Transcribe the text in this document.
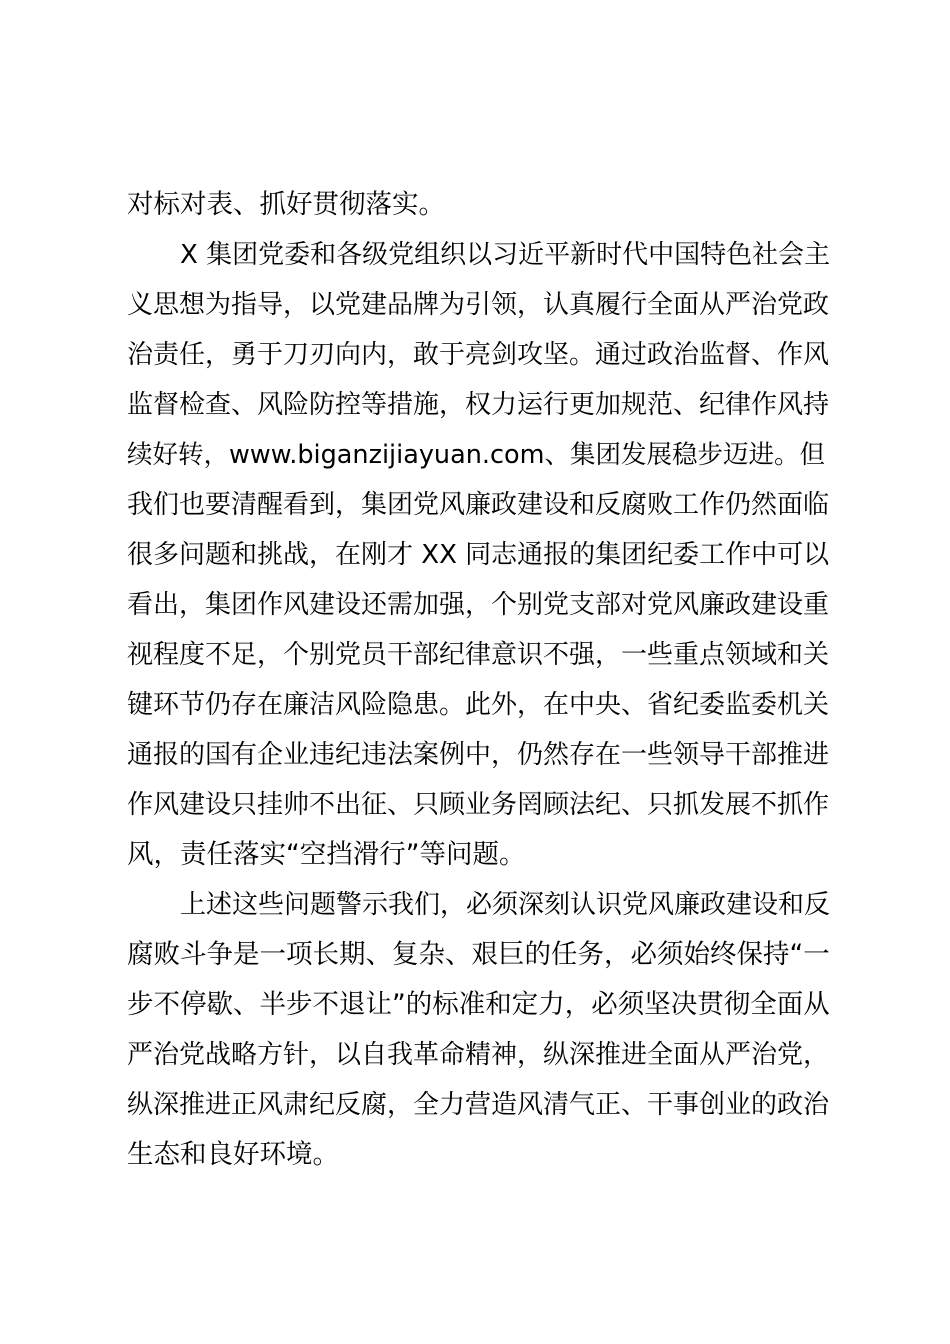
对标对表、抓好贯彻落实。
X 集团党委和各级党组织以习近平新时代中国特色社会主
义思想为指导，以党建品牌为引领，认真履行全面从严治党政
治责任，勇于刀刃向内，敢于亮剑攻坚。通过政治监督、作风
监督检查、风险防控等措施，权力运行更加规范、纪律作风持
续好转，www.biganzijiayuan.com、集团发展稳步迈进。但
我们也要清醒看到，集团党风廉政建设和反腐败工作仍然面临
很多问题和挑战，在刚才 XX 同志通报的集团纪委工作中可以
看出，集团作风建设还需加强，个别党支部对党风廉政建设重
视程度不足，个别党员干部纪律意识不强，一些重点领域和关
键环节仍存在廉洁风险隐患。此外，在中央、省纪委监委机关
通报的国有企业违纪违法案例中，仍然存在一些领导干部推进
作风建设只挂帅不出征、只顾业务罔顾法纪、只抓发展不抓作
风，责任落实“空挡滑行”等问题。
上述这些问题警示我们，必须深刻认识党风廉政建设和反
腐败斗争是一项长期、复杂、艰巨的任务，必须始终保持“一
步不停歇、半步不退让”的标准和定力，必须坚决贯彻全面从
严治党战略方针，以自我革命精神，纵深推进全面从严治党，
纵深推进正风肃纪反腐，全力营造风清气正、干事创业的政治
生态和良好环境。
